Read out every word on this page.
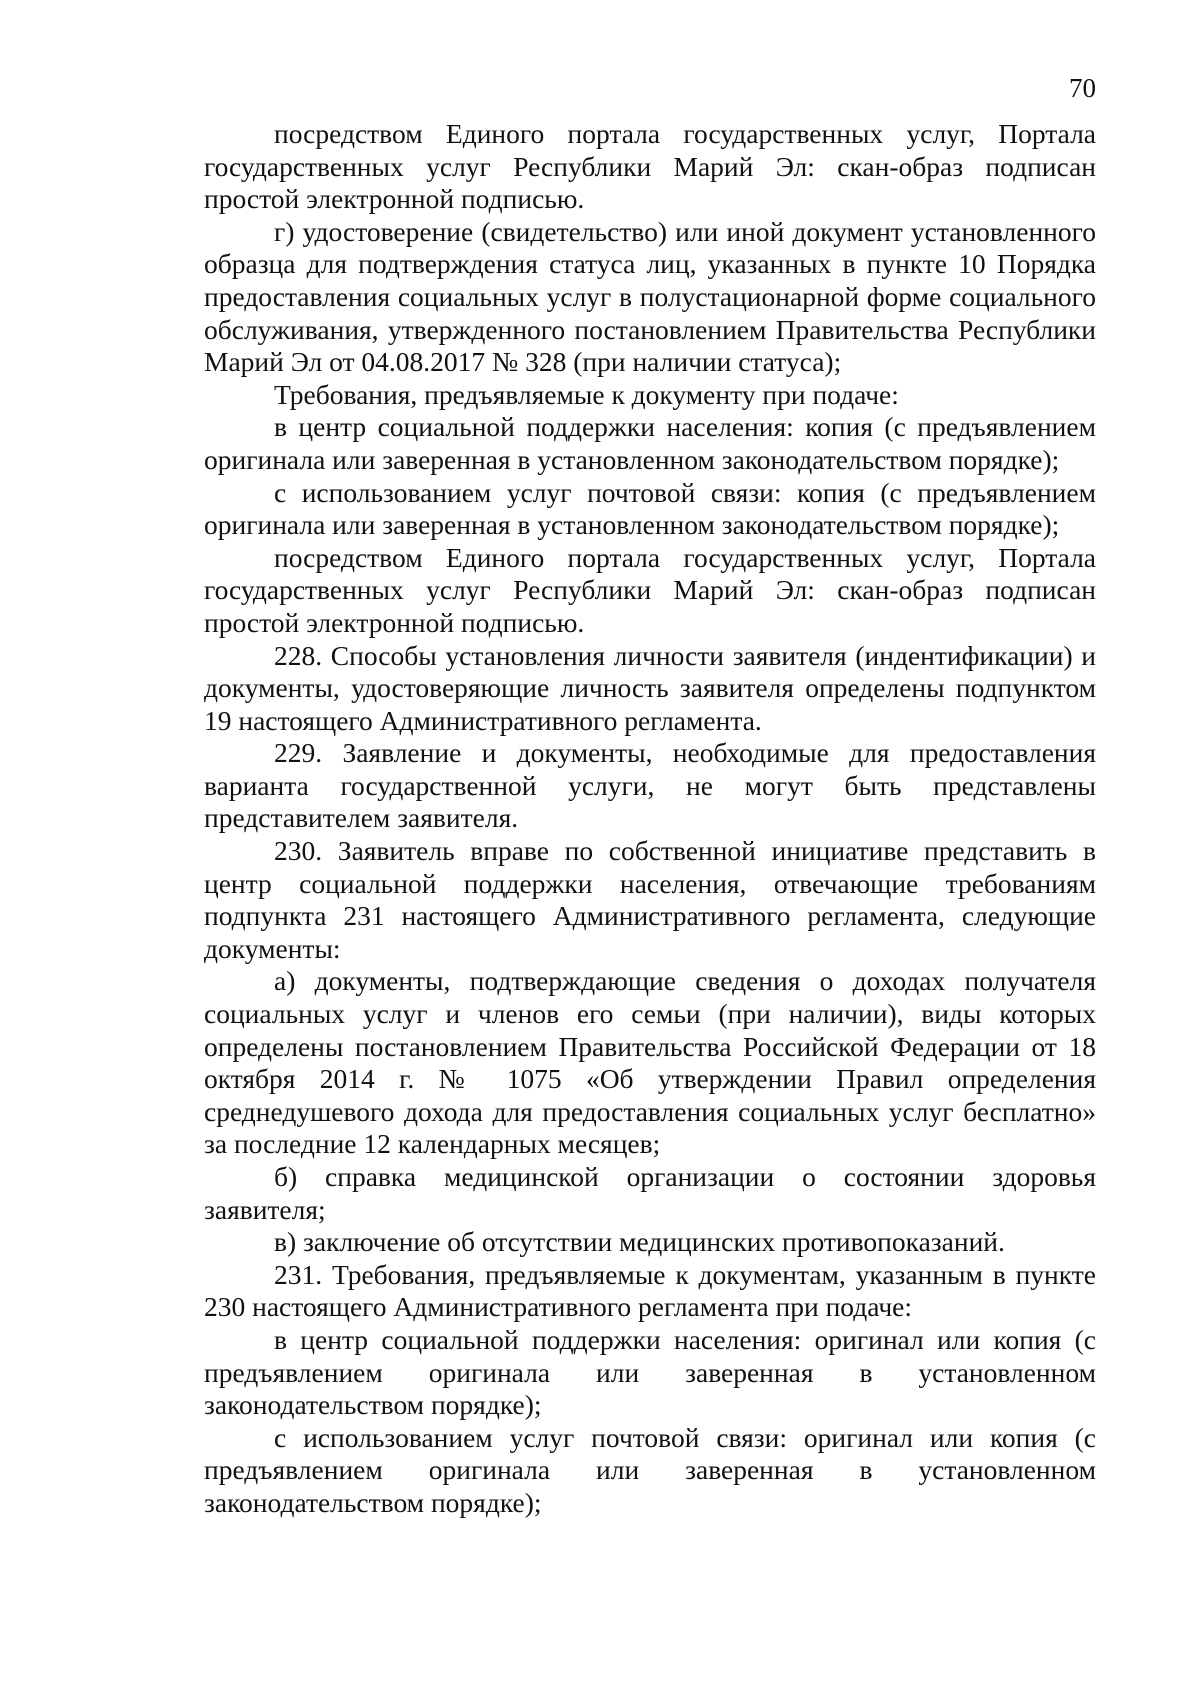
70

посредством Единого портала государственных услуг, Портала государственных услуг Республики Марий Эл: скан-образ подписан простой электронной подписью.

г) удостоверение (свидетельство) или иной документ установленного образца для подтверждения статуса лиц, указанных в пункте 10 Порядка предоставления социальных услуг в полустационарной форме социального обслуживания, утвержденного постановлением Правительства Республики Марий Эл от 04.08.2017 № 328 (при наличии статуса);

Требования, предъявляемые к документу при подаче:

в центр социальной поддержки населения: копия (с предъявлением оригинала или заверенная в установленном законодательством порядке);

с использованием услуг почтовой связи: копия (с предъявлением оригинала или заверенная в установленном законодательством порядке);

посредством Единого портала государственных услуг, Портала государственных услуг Республики Марий Эл: скан-образ подписан простой электронной подписью.

228. Способы установления личности заявителя (индентификации) и документы, удостоверяющие личность заявителя определены подпунктом 19 настоящего Административного регламента.

229. Заявление и документы, необходимые для предоставления варианта государственной услуги, не могут быть представлены представителем заявителя.

230. Заявитель вправе по собственной инициативе представить в центр социальной поддержки населения, отвечающие требованиям подпункта 231 настоящего Административного регламента, следующие документы:

а) документы, подтверждающие сведения о доходах получателя социальных услуг и членов его семьи (при наличии), виды которых определены постановлением Правительства Российской Федерации от 18 октября 2014 г. № 1075 «Об утверждении Правил определения среднедушевого дохода для предоставления социальных услуг бесплатно» за последние 12 календарных месяцев;

б) справка медицинской организации о состоянии здоровья заявителя;

в) заключение об отсутствии медицинских противопоказаний.

231. Требования, предъявляемые к документам, указанным в пункте 230 настоящего Административного регламента при подаче:

в центр социальной поддержки населения: оригинал или копия (с предъявлением оригинала или заверенная в установленном законодательством порядке);

с использованием услуг почтовой связи: оригинал или копия (с предъявлением оригинала или заверенная в установленном законодательством порядке);
